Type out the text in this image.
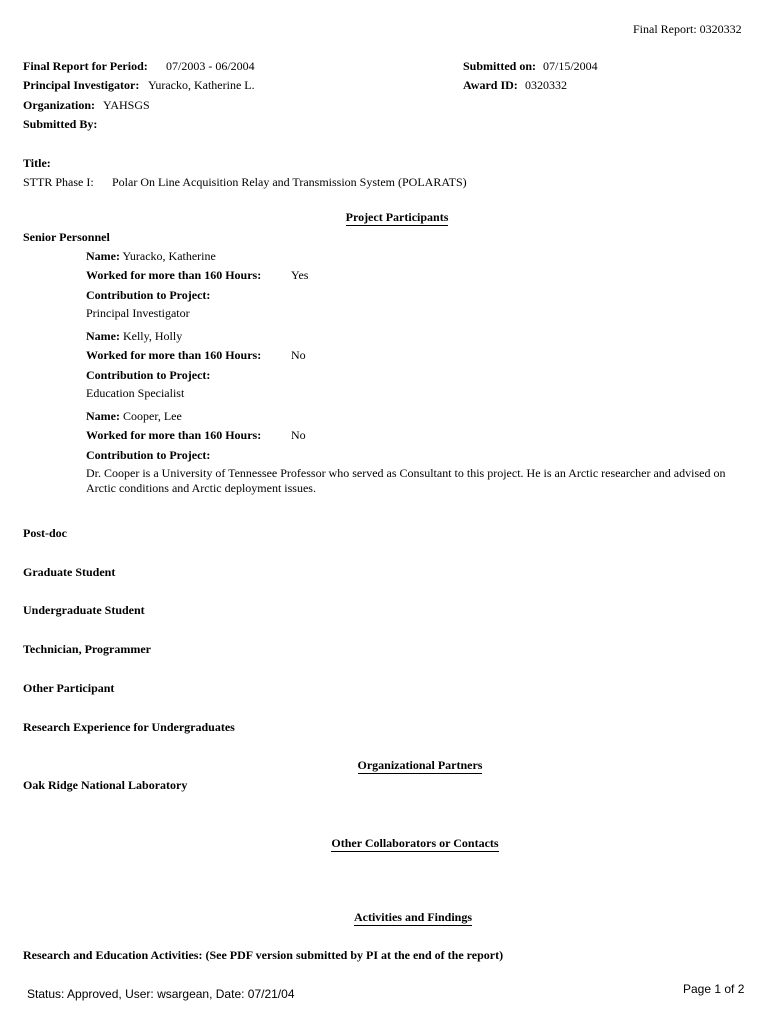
Final Report: 0320332
Final Report for Period: 07/2003 - 06/2004	Submitted on: 07/15/2004
Principal Investigator: Yuracko, Katherine L.	Award ID: 0320332
Organization: YAHSGS
Submitted By:
Title:
STTR Phase I: Polar On Line Acquisition Relay and Transmission System (POLARATS)
Project Participants
Senior Personnel
Name: Yuracko, Katherine
Worked for more than 160 Hours: Yes
Contribution to Project:
Principal Investigator
Name: Kelly, Holly
Worked for more than 160 Hours: No
Contribution to Project:
Education Specialist
Name: Cooper, Lee
Worked for more than 160 Hours: No
Contribution to Project:
Dr. Cooper is a University of Tennessee Professor who served as Consultant to this project. He is an Arctic researcher and advised on Arctic conditions and Arctic deployment issues.
Post-doc
Graduate Student
Undergraduate Student
Technician, Programmer
Other Participant
Research Experience for Undergraduates
Organizational Partners
Oak Ridge National Laboratory
Other Collaborators or Contacts
Activities and Findings
Research and Education Activities: (See PDF version submitted by PI at the end of the report)
Status: Approved, User: wsargean, Date: 07/21/04	Page 1 of 2
